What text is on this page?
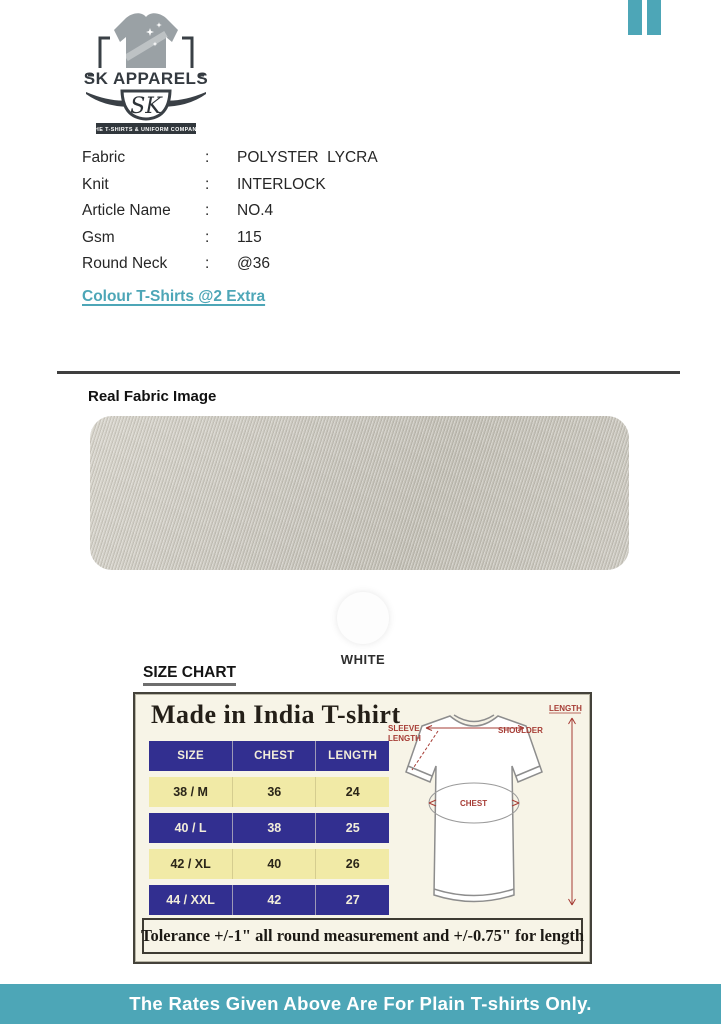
SK APPARELS
SK
THE T-SHIRTS & UNIFORM COMPANY
Fabric	:	POLYSTER  LYCRA
Knit	:	INTERLOCK
Article Name	:	NO.4
Gsm	:	115
Round Neck	:	@36
Colour T-Shirts @2 Extra
Real Fabric Image
WHITE
SIZE CHART
Made in India T-shirt
SIZE	CHEST	LENGTH
38 / M	36	24
40 / L	38	25
42 / XL	40	26
44 / XXL	42	27
SLEEVE
LENGTH
SHOULDER
CHEST
LENGTH
Tolerance +/-1" all round measurement and +/-0.75" for length
The Rates Given Above Are For Plain T-shirts Only.
